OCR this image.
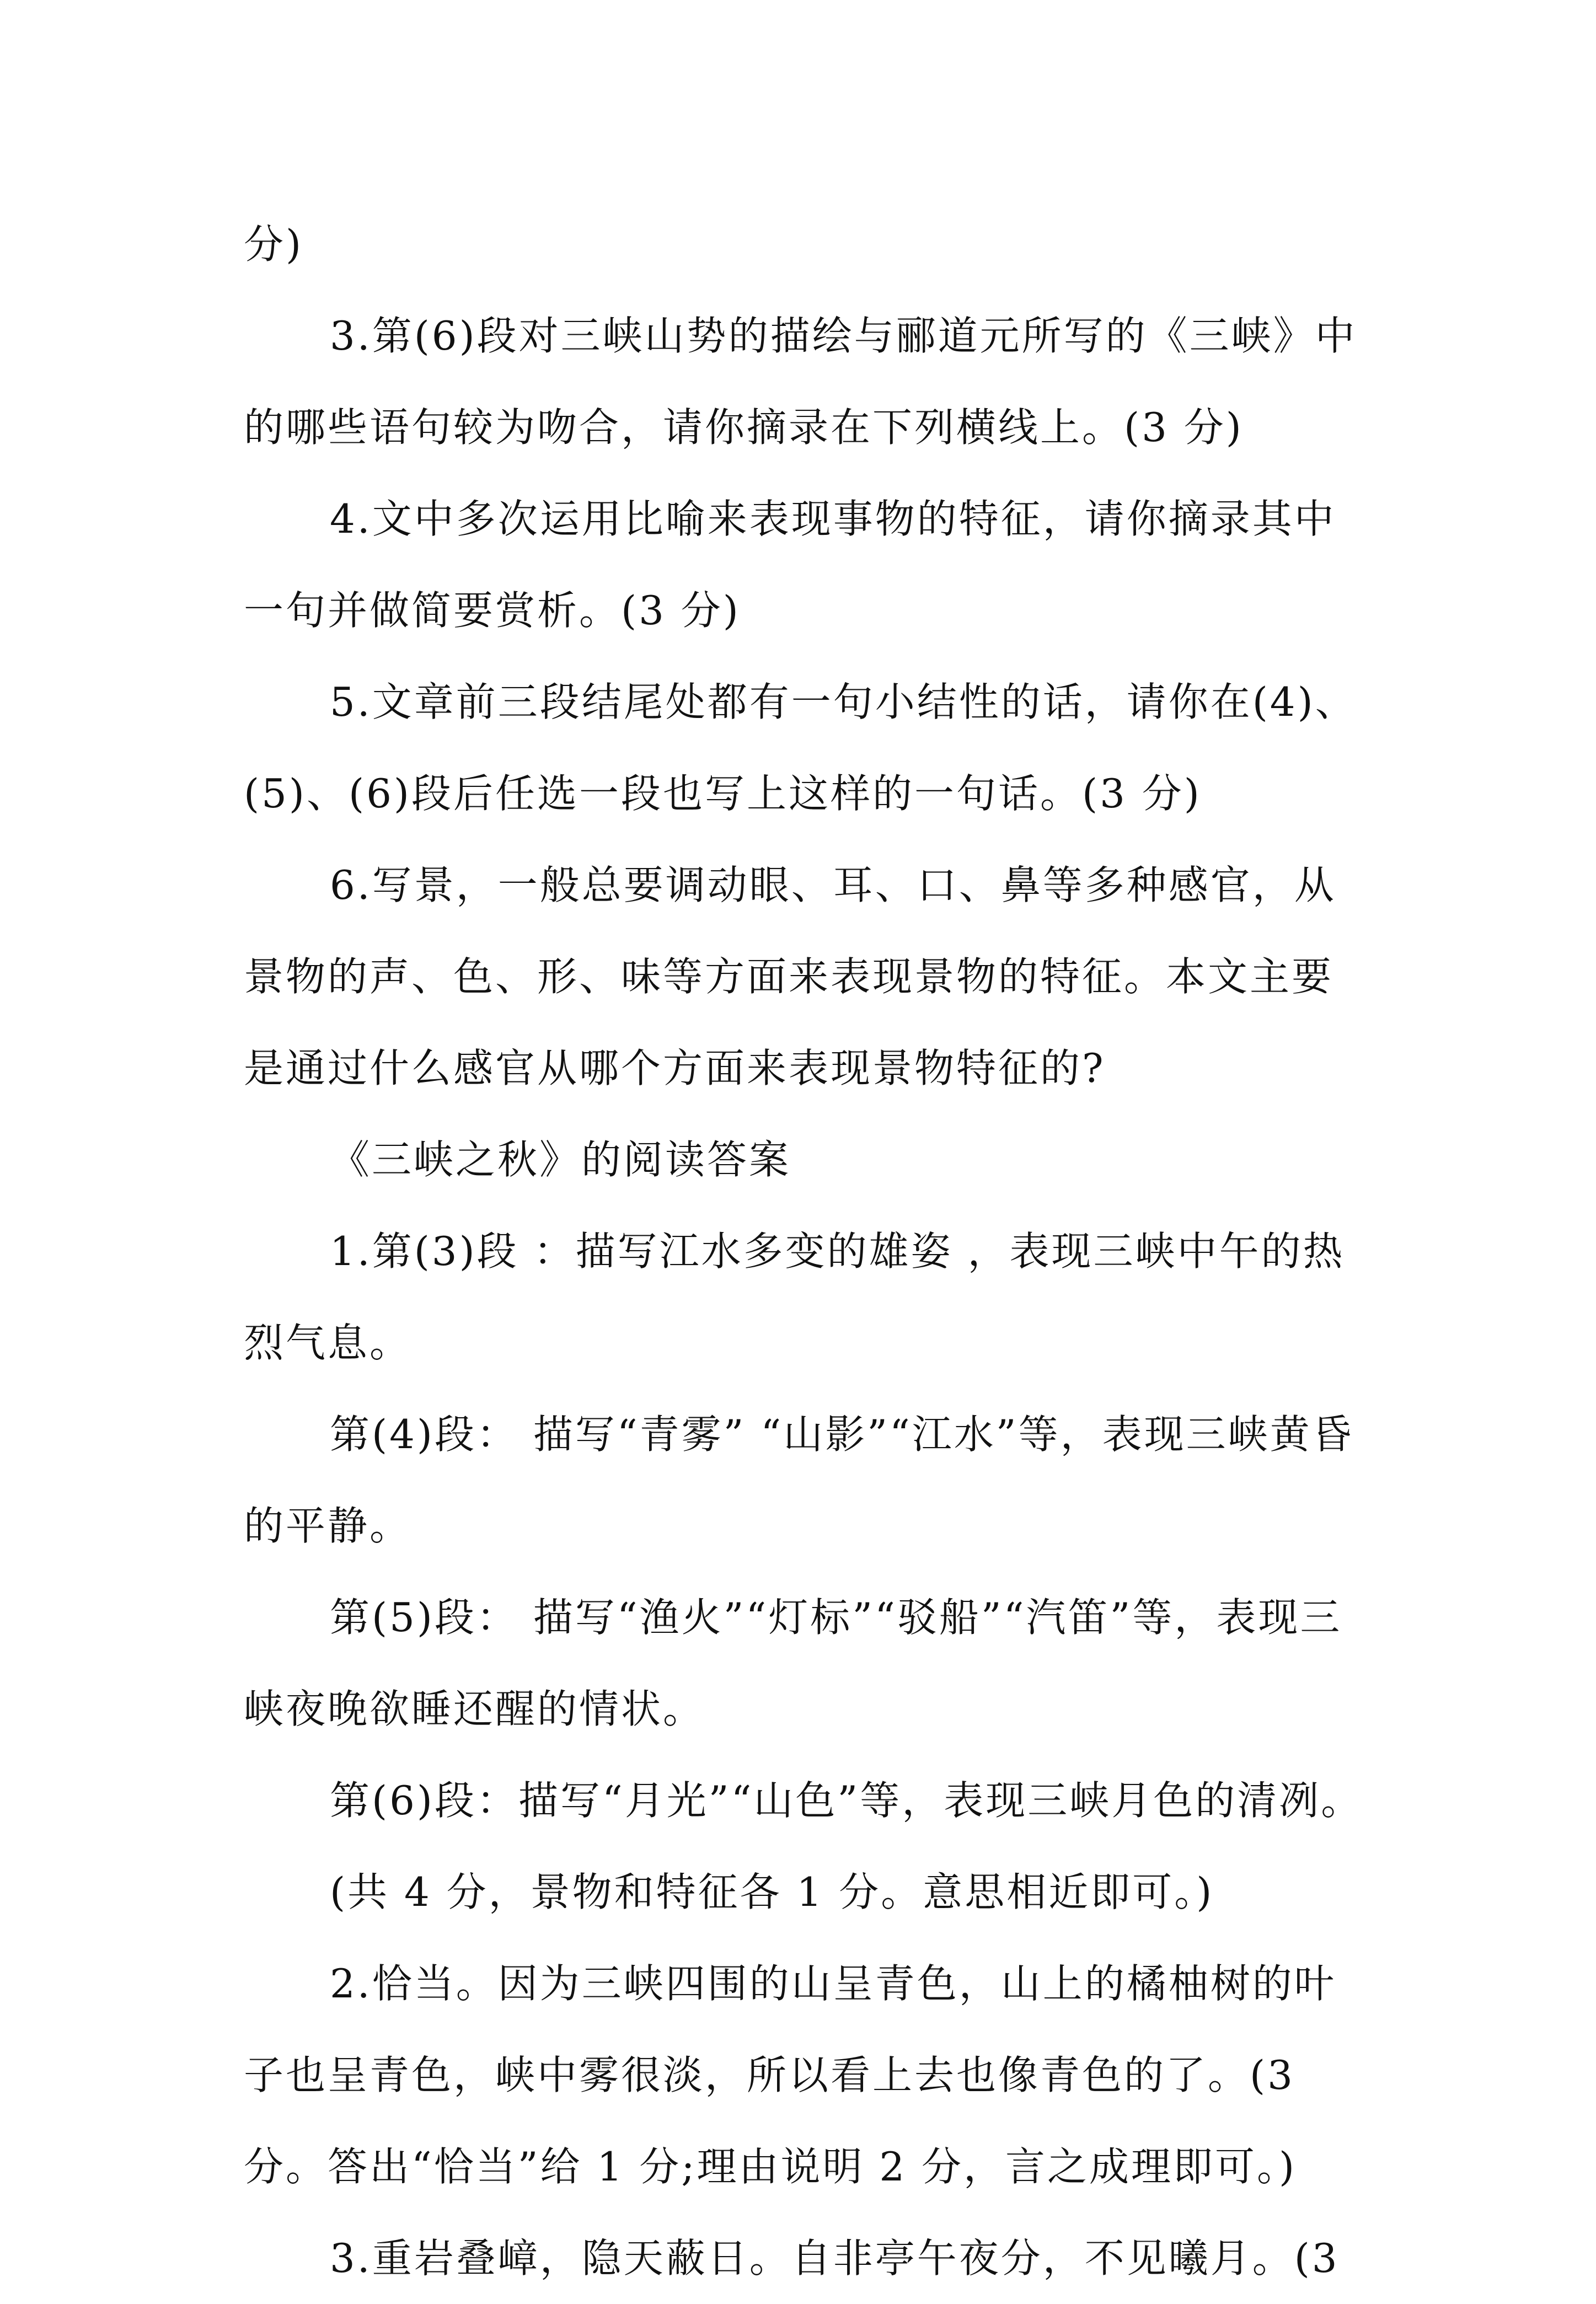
分)

3.第(6)段对三峡山势的描绘与郦道元所写的《三峡》中的哪些语句较为吻合，请你摘录在下列横线上。(3 分)

4.文中多次运用比喻来表现事物的特征，请你摘录其中一句并做简要赏析。(3 分)

5.文章前三段结尾处都有一句小结性的话，请你在(4)、(5)、(6)段后任选一段也写上这样的一句话。(3 分)

6.写景，一般总要调动眼、耳、口、鼻等多种感官，从景物的声、色、形、味等方面来表现景物的特征。本文主要是通过什么感官从哪个方面来表现景物特征的?

《三峡之秋》的阅读答案

1.第(3)段 ：描写江水多变的雄姿 ，表现三峡中午的热烈气息。

第(4)段： 描写“青雾” “山影”“江水”等，表现三峡黄昏的平静。

第(5)段： 描写“渔火”“灯标”“驳船”“汽笛”等，表现三峡夜晚欲睡还醒的情状。

第(6)段：描写“月光”“山色”等，表现三峡月色的清冽。

(共 4 分，景物和特征各 1 分。意思相近即可。)

2.恰当。因为三峡四围的山呈青色，山上的橘柚树的叶子也呈青色，峡中雾很淡，所以看上去也像青色的了。(3 分。答出“恰当”给 1 分;理由说明 2 分，言之成理即可。)

3.重岩叠嶂，隐天蔽日。自非亭午夜分，不见曦月。(3
